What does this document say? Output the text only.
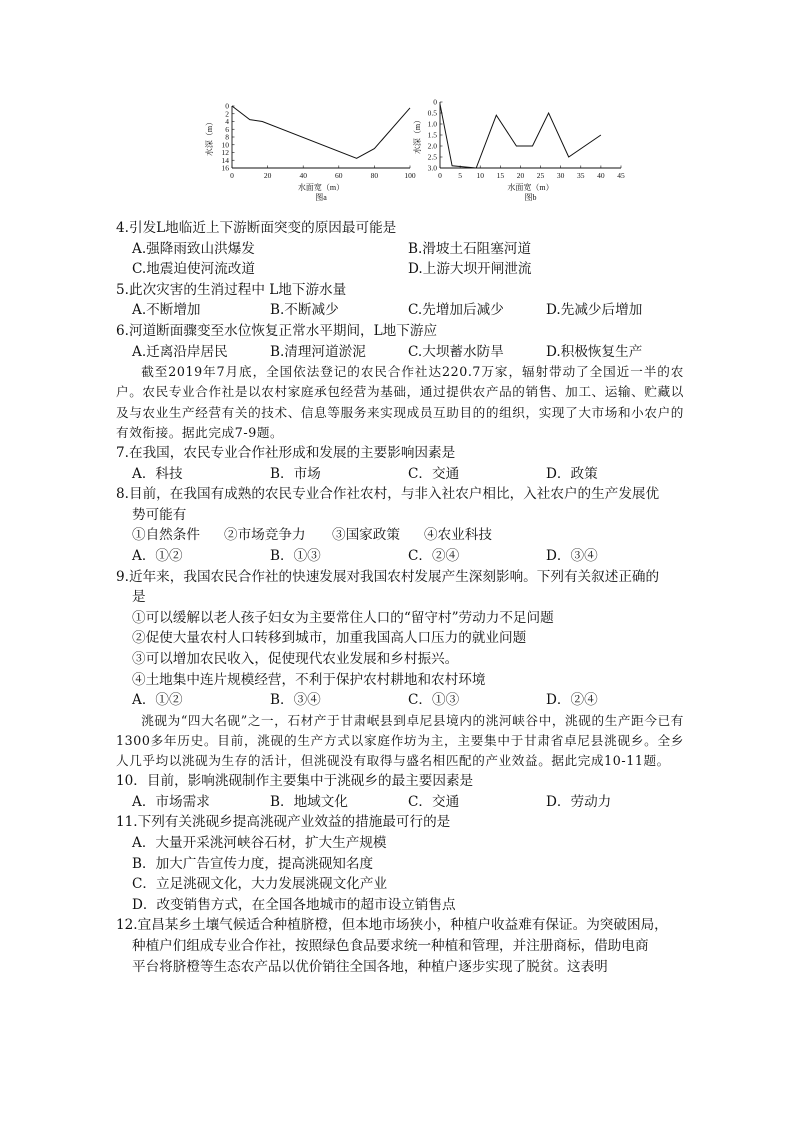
0
2
4
6
8
10
12
14
16
0	20	40	60	80	100
水面宽（m）
图a
水深（m）
0
0.5
1.0
1.5
2.0
2.5
3.0
0 5 10 15 20 25 30 35 40 45
水面宽（m）
图b
水深（m）

4.引发L地临近上下游断面突变的原因最可能是

A.强降雨致山洪爆发	B.滑坡土石阻塞河道
C.地震迫使河流改道	D.上游大坝开闸泄流

5.此次灾害的生消过程中 L地下游水量

A.不断增加	B.不断减少	C.先增加后减少	D.先减少后增加

6.河道断面骤变至水位恢复正常水平期间，L地下游应

A.迁离沿岸居民	B.清理河道淤泥	C.大坝蓄水防旱	D.积极恢复生产

截至2019年7月底，全国依法登记的农民合作社达220.7万家，辐射带动了全国近一半的农户。农民专业合作社是以农村家庭承包经营为基础，通过提供农产品的销售、加工、运输、贮藏以及与农业生产经营有关的技术、信息等服务来实现成员互助目的的组织，实现了大市场和小农户的有效衔接。据此完成7-9题。

7.在我国，农民专业合作社形成和发展的主要影响因素是

A．科技	B．市场	C．交通	D．政策

8.目前，在我国有成熟的农民专业合作社农村，与非入社农户相比，入社农户的生产发展优

势可能有

①自然条件	②市场竞争力	③国家政策	④农业科技
A．①②	B．①③	C．②④	D．③④

9.近年来，我国农民合作社的快速发展对我国农村发展产生深刻影响。下列有关叙述正确的

是

①可以缓解以老人孩子妇女为主要常住人口的“留守村”劳动力不足问题

②促使大量农村人口转移到城市，加重我国高人口压力的就业问题

③可以增加农民收入，促使现代农业发展和乡村振兴。

④土地集中连片规模经营，不利于保护农村耕地和农村环境

A．①②	B．③④	C．①③	D．②④

洮砚为“四大名砚”之一，石材产于甘肃岷县到卓尼县境内的洮河峡谷中，洮砚的生产距今已有1300多年历史。目前，洮砚的生产方式以家庭作坊为主，主要集中于甘肃省卓尼县洮砚乡。全乡人几乎均以洮砚为生存的活计，但洮砚没有取得与盛名相匹配的产业效益。据此完成10-11题。

10．目前，影响洮砚制作主要集中于洮砚乡的最主要因素是

A．市场需求	B．地域文化	C．交通	D．劳动力

11.下列有关洮砚乡提高洮砚产业效益的措施最可行的是

A．大量开采洮河峡谷石材，扩大生产规模

B．加大广告宣传力度，提高洮砚知名度

C．立足洮砚文化，大力发展洮砚文化产业

D．改变销售方式，在全国各地城市的超市设立销售点

12.宜昌某乡土壤气候适合种植脐橙，但本地市场狭小，种植户收益难有保证。为突破困局，

种植户们组成专业合作社，按照绿色食品要求统一种植和管理，并注册商标，借助电商

平台将脐橙等生态农产品以优价销往全国各地，种植户逐步实现了脱贫。这表明
